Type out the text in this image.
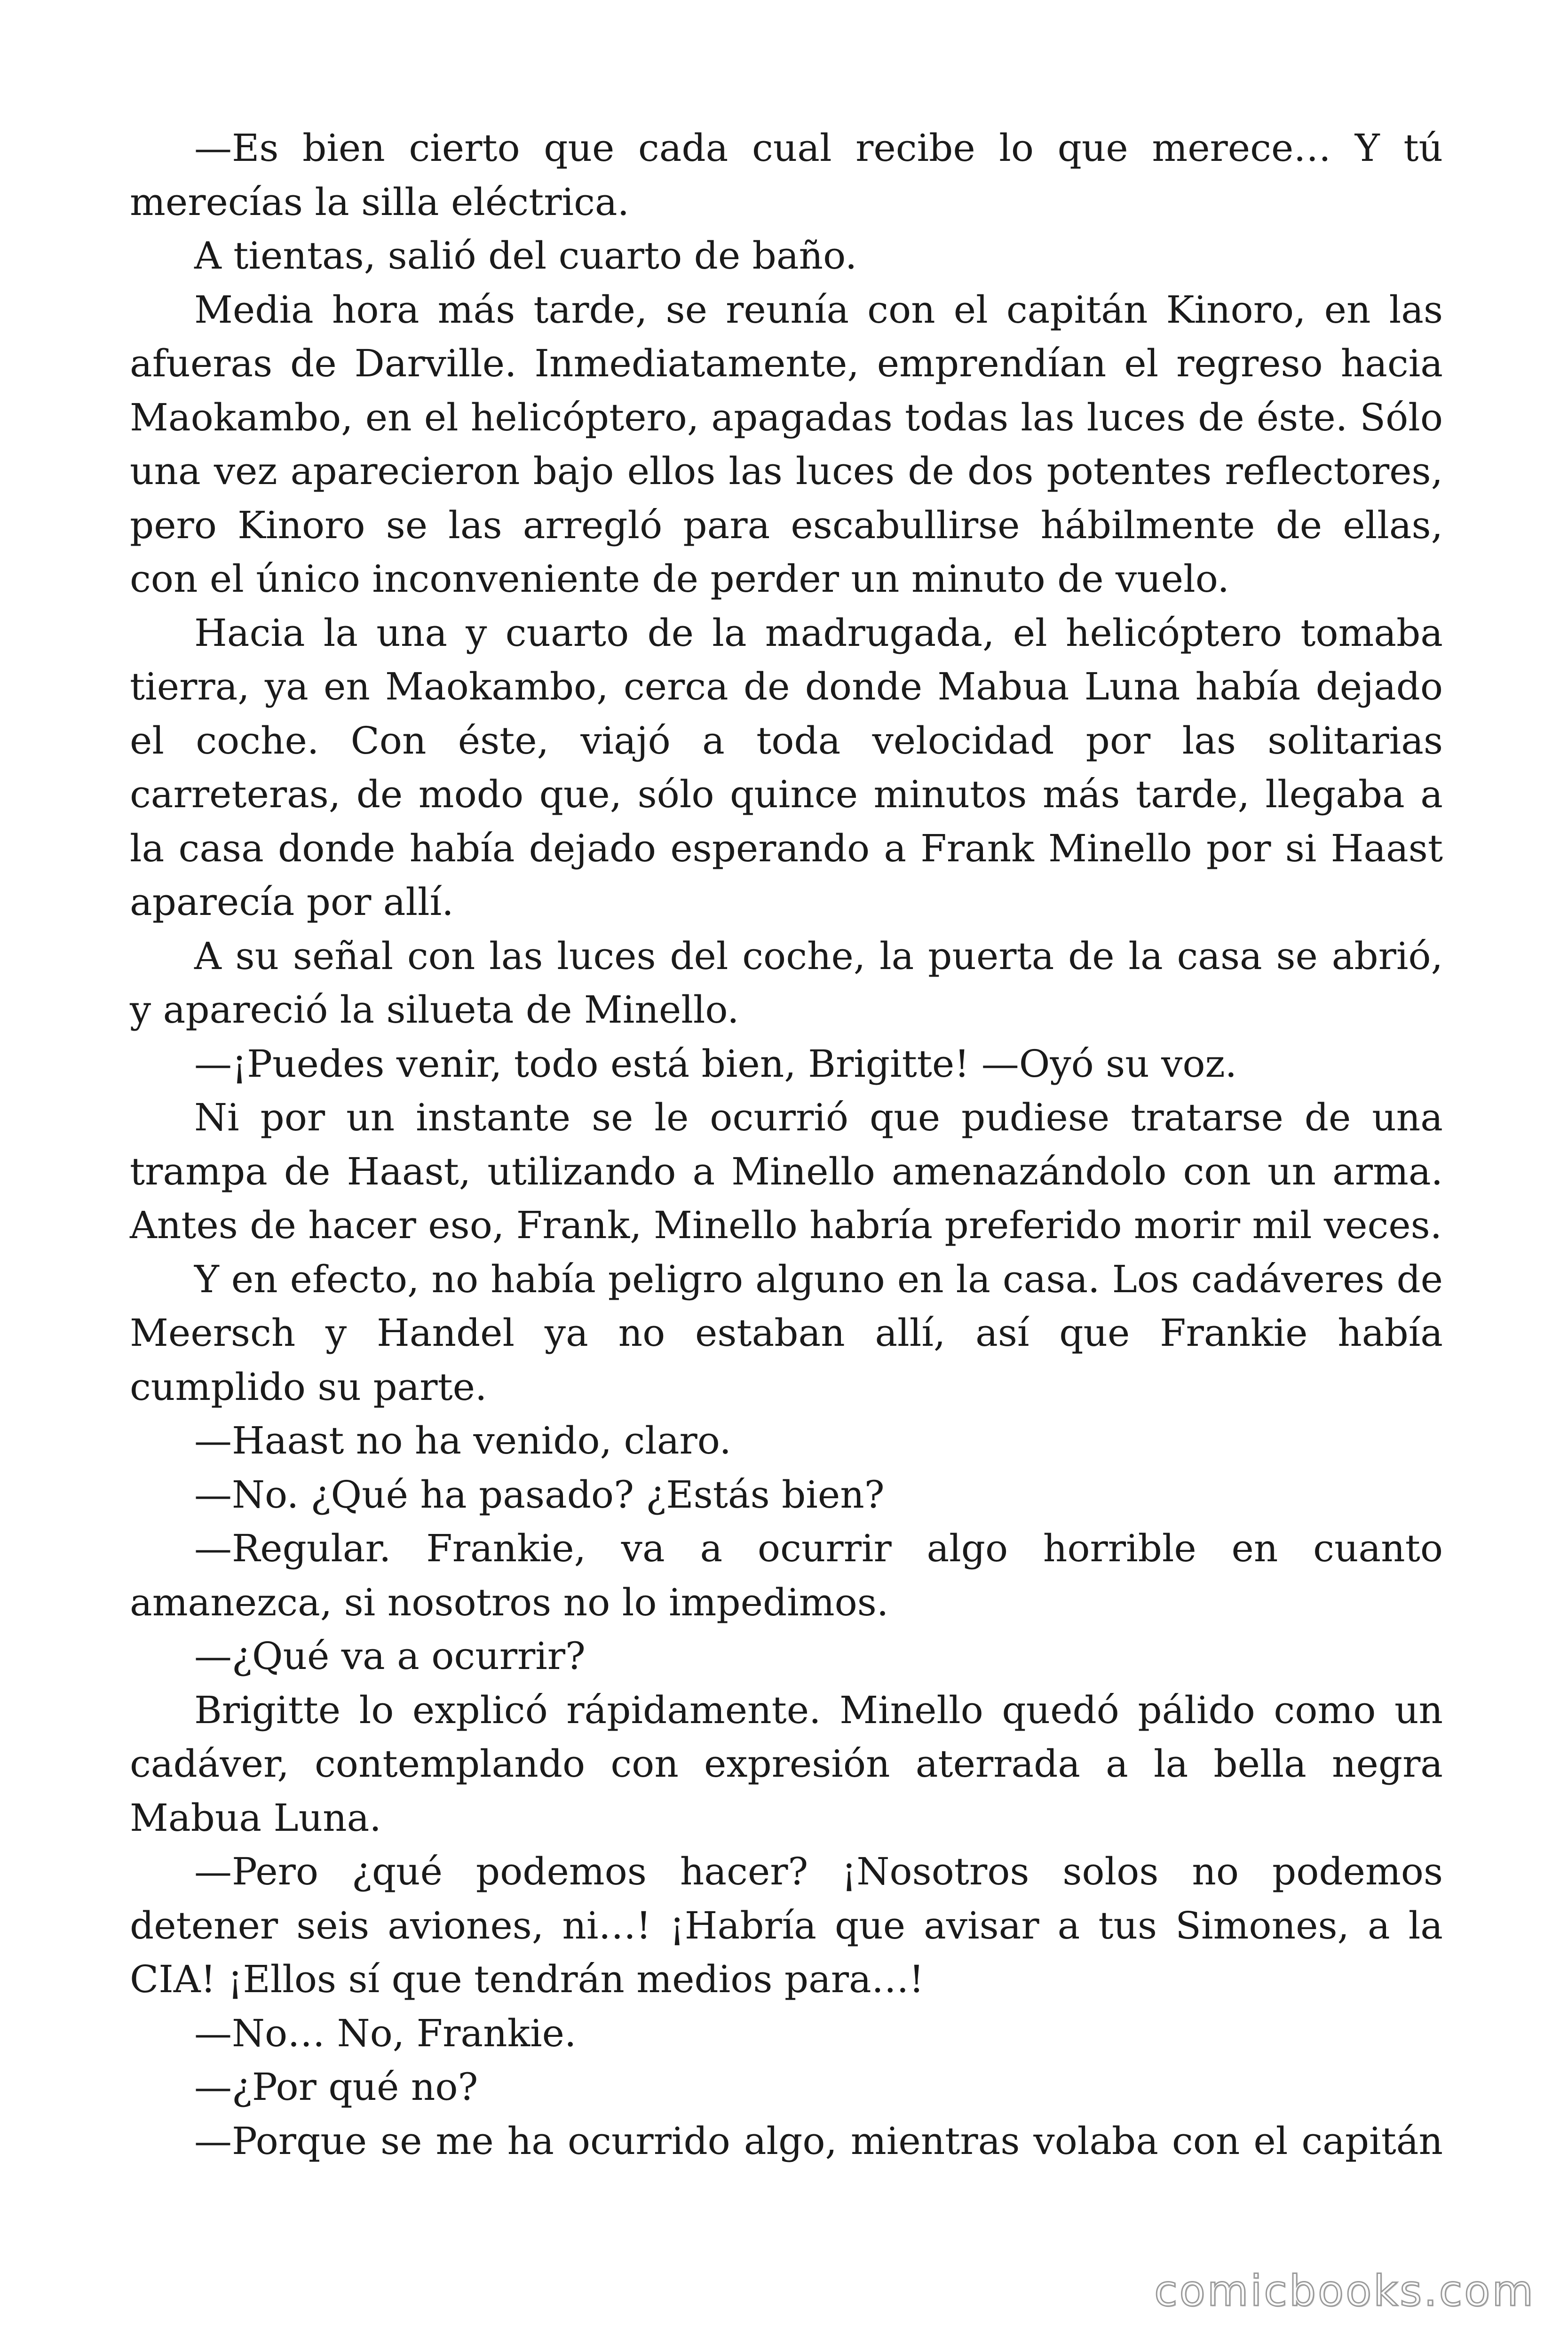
—Es bien cierto que cada cual recibe lo que merece… Y tú merecías la silla eléctrica.

A tientas, salió del cuarto de baño.

Media hora más tarde, se reunía con el capitán Kinoro, en las afueras de Darville. Inmediatamente, emprendían el regreso hacia Maokambo, en el helicóptero, apagadas todas las luces de éste. Sólo una vez aparecieron bajo ellos las luces de dos potentes reflectores, pero Kinoro se las arregló para escabullirse hábilmente de ellas, con el único inconveniente de perder un minuto de vuelo.

Hacia la una y cuarto de la madrugada, el helicóptero tomaba tierra, ya en Maokambo, cerca de donde Mabua Luna había dejado el coche. Con éste, viajó a toda velocidad por las solitarias carreteras, de modo que, sólo quince minutos más tarde, llegaba a la casa donde había dejado esperando a Frank Minello por si Haast aparecía por allí.

A su señal con las luces del coche, la puerta de la casa se abrió, y apareció la silueta de Minello.

—¡Puedes venir, todo está bien, Brigitte! —Oyó su voz.

Ni por un instante se le ocurrió que pudiese tratarse de una trampa de Haast, utilizando a Minello amenazándolo con un arma. Antes de hacer eso, Frank, Minello habría preferido morir mil veces.

Y en efecto, no había peligro alguno en la casa. Los cadáveres de Meersch y Handel ya no estaban allí, así que Frankie había cumplido su parte.

—Haast no ha venido, claro.

—No. ¿Qué ha pasado? ¿Estás bien?

—Regular. Frankie, va a ocurrir algo horrible en cuanto amanezca, si nosotros no lo impedimos.

—¿Qué va a ocurrir?

Brigitte lo explicó rápidamente. Minello quedó pálido como un cadáver, contemplando con expresión aterrada a la bella negra Mabua Luna.

—Pero ¿qué podemos hacer? ¡Nosotros solos no podemos detener seis aviones, ni…! ¡Habría que avisar a tus Simones, a la CIA! ¡Ellos sí que tendrán medios para…!

—No… No, Frankie.

—¿Por qué no?

—Porque se me ha ocurrido algo, mientras volaba con el capitán

comicbooks.com
